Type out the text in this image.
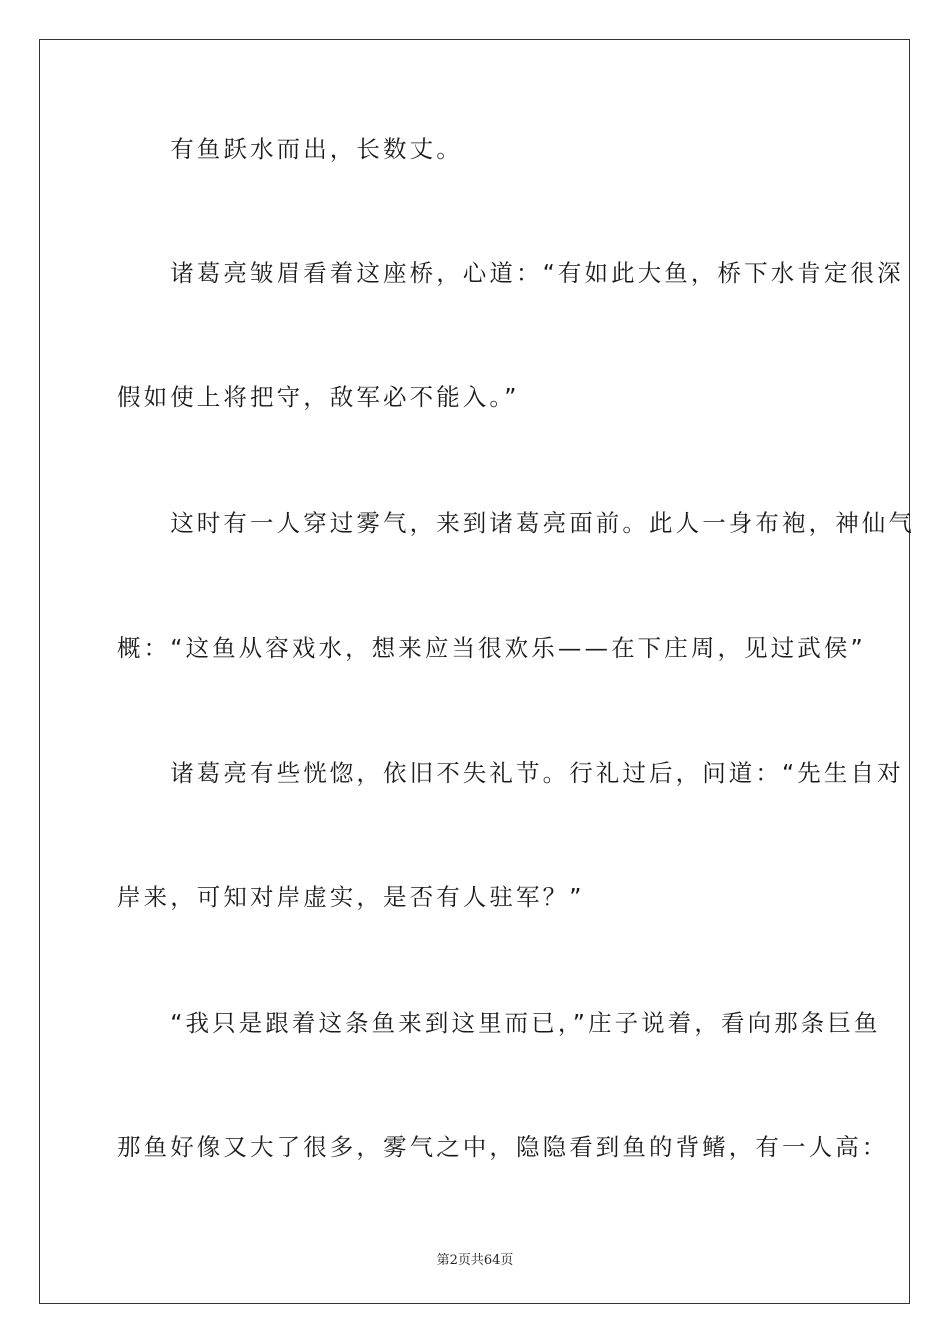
　　有鱼跃水而出，长数丈。
　　诸葛亮皱眉看着这座桥，心道：“有如此大鱼，桥下水肯定很深
假如使上将把守，敌军必不能入。”
　　这时有一人穿过雾气，来到诸葛亮面前。此人一身布袍，神仙气
概：“这鱼从容戏水，想来应当很欢乐——在下庄周，见过武侯”
　　诸葛亮有些恍惚，依旧不失礼节。行礼过后，问道：“先生自对
岸来，可知对岸虚实，是否有人驻军？”
　　“我只是跟着这条鱼来到这里而已，”庄子说着，看向那条巨鱼
那鱼好像又大了很多，雾气之中，隐隐看到鱼的背鳍，有一人高：
第2页共64页
